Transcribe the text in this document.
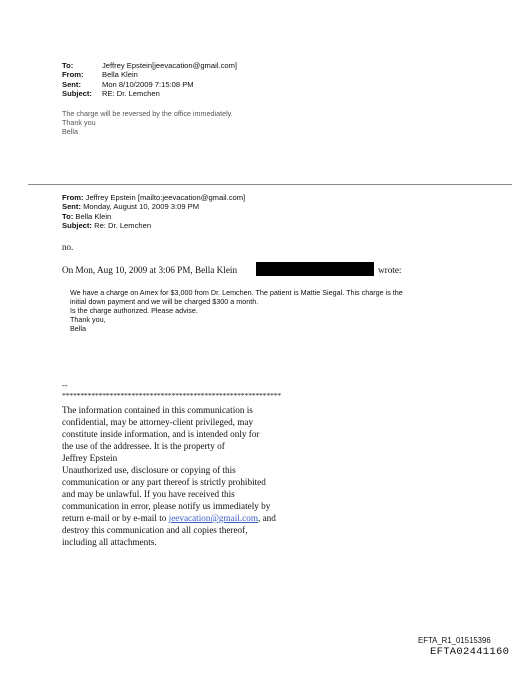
To:	Jeffrey Epstein[jeevacation@gmail.com]
From:	Bella Klein
Sent:	Mon 8/10/2009 7:15:08 PM
Subject:	RE: Dr. Lemchen
The charge will be reversed by the office immediately.
Thank you
Bella
From: Jeffrey Epstein [mailto:jeevacation@gmail.com]
Sent: Monday, August 10, 2009 3:09 PM
To: Bella Klein
Subject: Re: Dr. Lemchen
no.
On Mon, Aug 10, 2009 at 3:06 PM, Bella Klein	wrote:
We have a charge on Amex for $3,000 from Dr. Lemchen. The patient is Mattie Siegal. This charge is the
initial down payment and we will be charged $300 a month.
Is the charge authorized. Please advise.
Thank you,
Bella
--
************************************************************
The information contained in this communication is
confidential, may be attorney-client privileged, may
constitute inside information, and is intended only for
the use of the addressee. It is the property of
Jeffrey Epstein
Unauthorized use, disclosure or copying of this
communication or any part thereof is strictly prohibited
and may be unlawful. If you have received this
communication in error, please notify us immediately by
return e-mail or by e-mail to jeevacation@gmail.com, and
destroy this communication and all copies thereof,
including all attachments.
EFTA_R1_01515396
EFTA02441160
